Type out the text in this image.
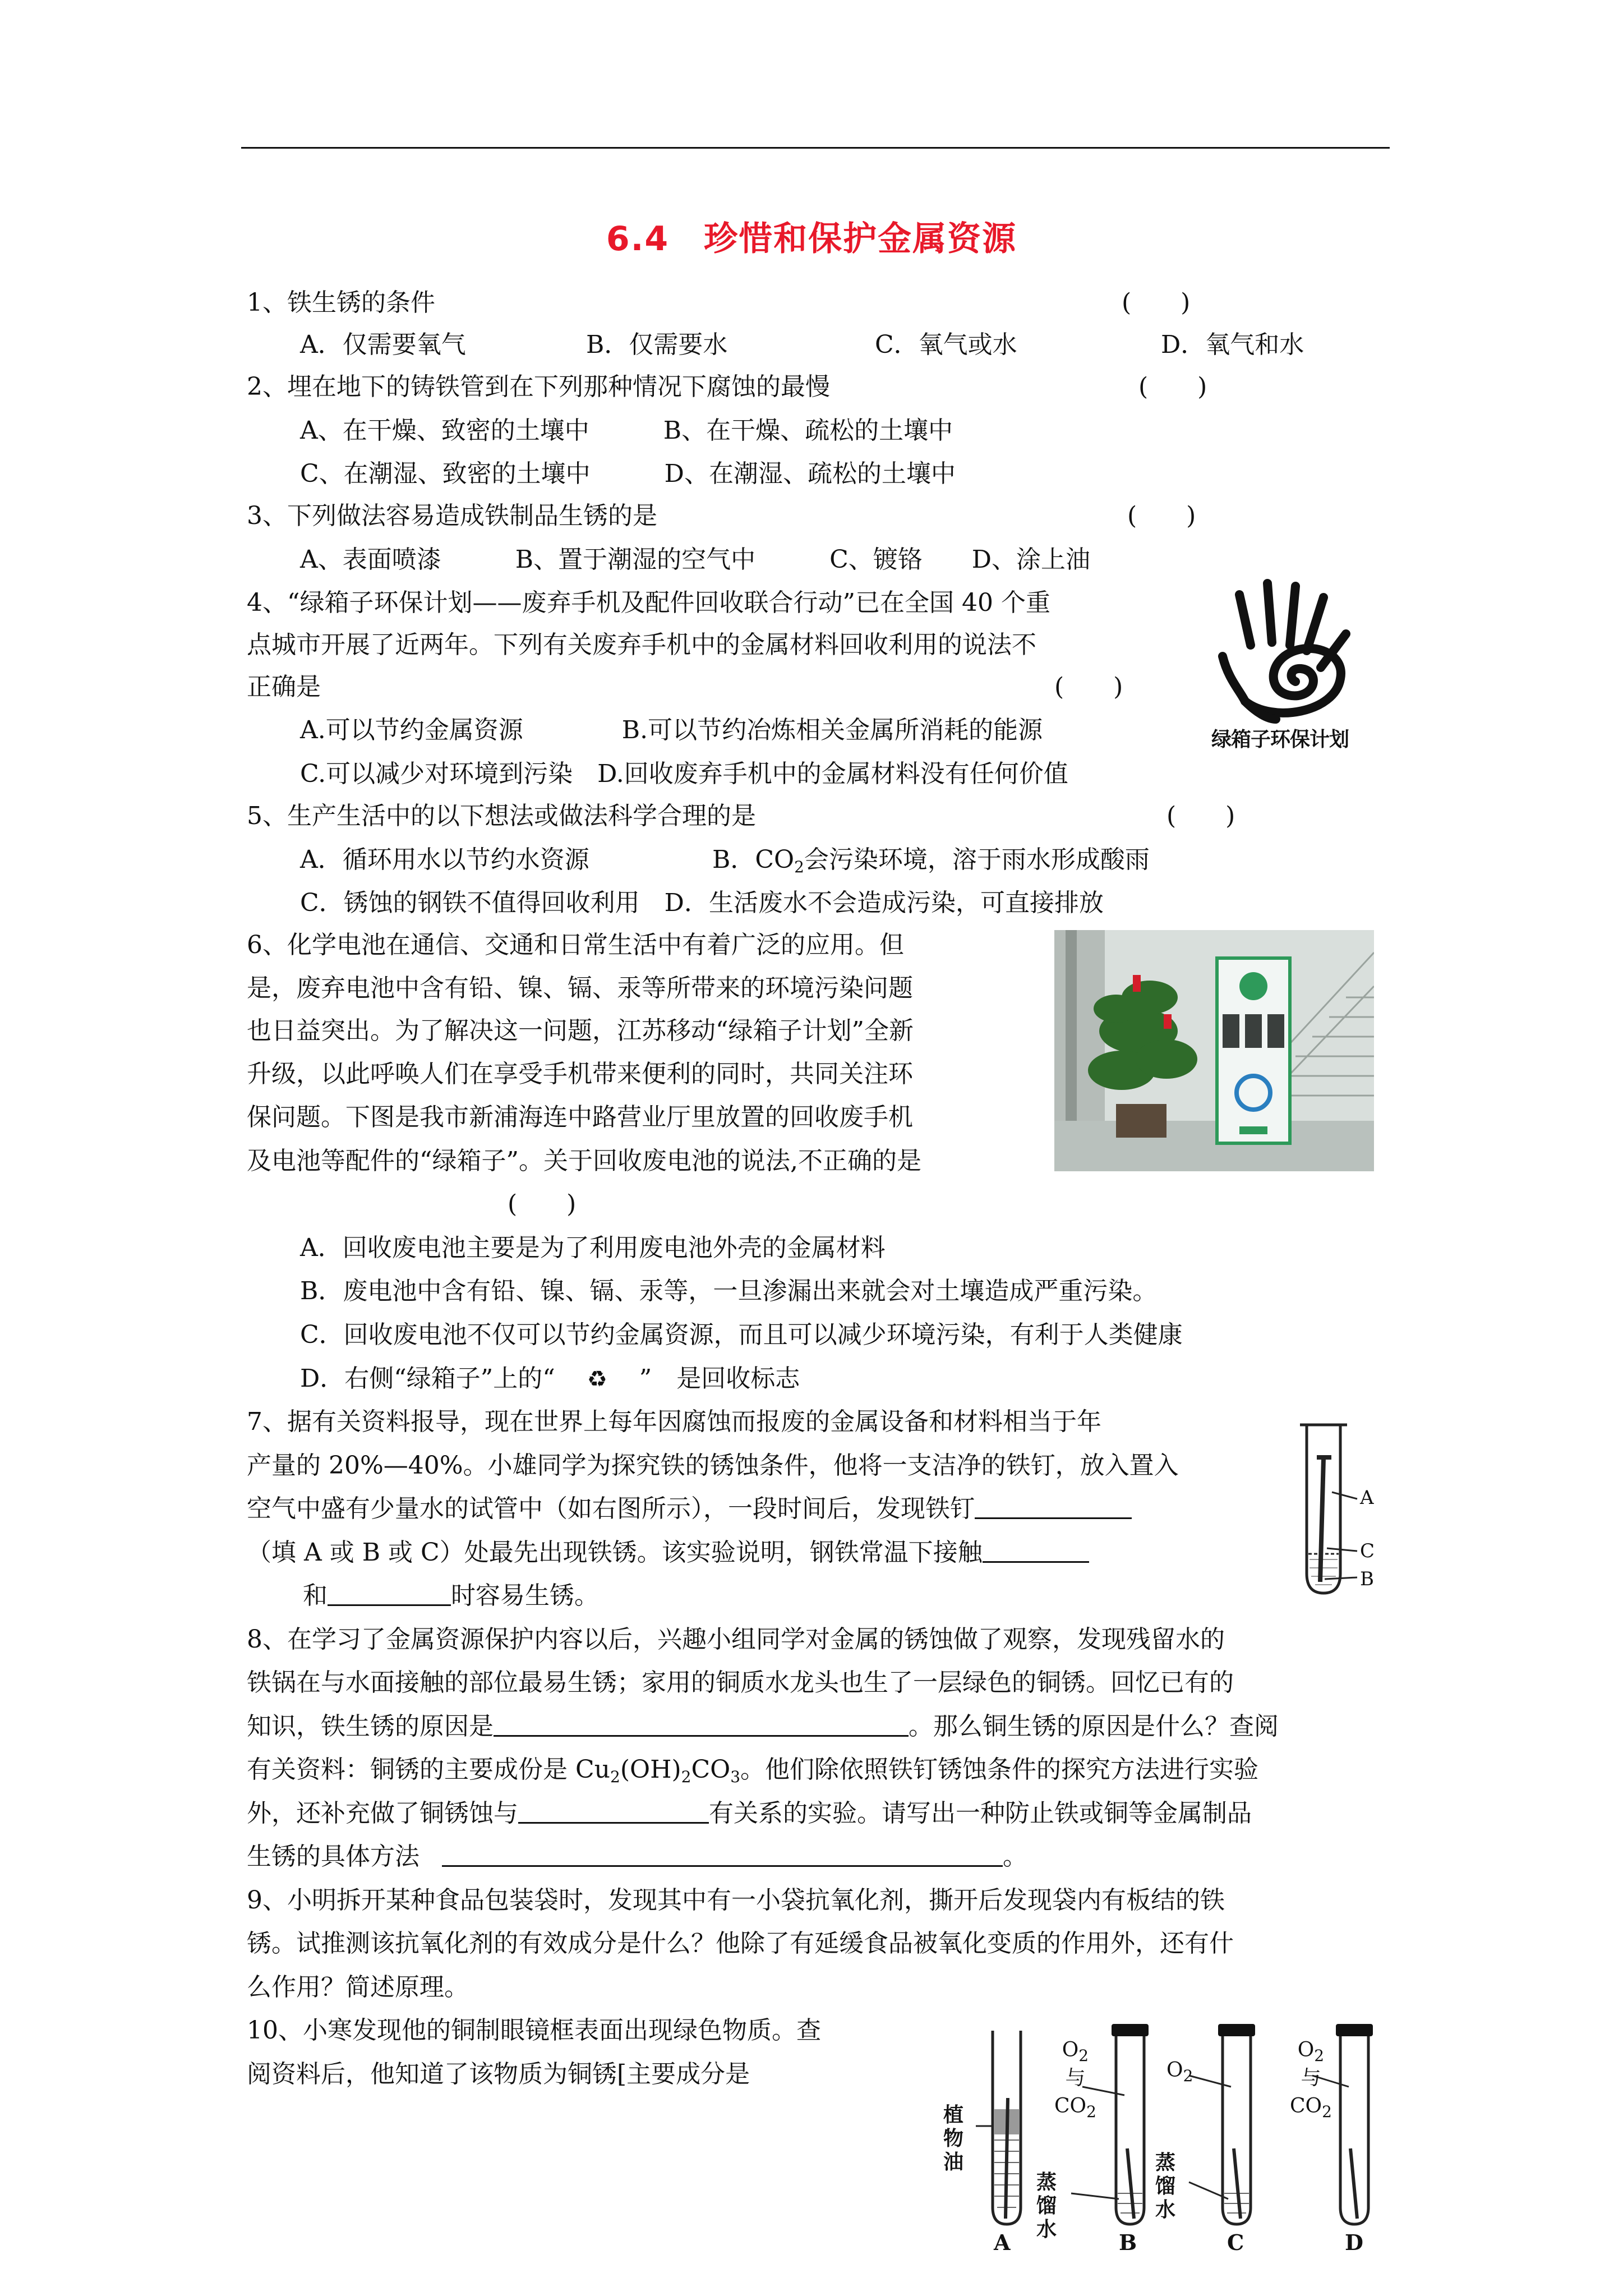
6.4　珍惜和保护金属资源
1、铁生锈的条件	(　　)
A．仅需要氧气	B．仅需要水	C．氧气或水	D．氧气和水
2、埋在地下的铸铁管到在下列那种情况下腐蚀的最慢	(　　)
A、在干燥、致密的土壤中　　　B、在干燥、疏松的土壤中
C、在潮湿、致密的土壤中　　　D、在潮湿、疏松的土壤中
3、下列做法容易造成铁制品生锈的是	(　　)
A、表面喷漆　　　B、置于潮湿的空气中　　　C、镀铬　　D、涂上油
4、“绿箱子环保计划——废弃手机及配件回收联合行动”已在全国 40 个重
点城市开展了近两年。下列有关废弃手机中的金属材料回收利用的说法不
正确是	(　　)
A.可以节约金属资源　　　　B.可以节约冶炼相关金属所消耗的能源
C.可以减少对环境到污染　D.回收废弃手机中的金属材料没有任何价值
绿箱子环保计划
5、生产生活中的以下想法或做法科学合理的是	(　　)
A．循环用水以节约水资源	B．$CO_2$会污染环境，溶于雨水形成酸雨
C．锈蚀的钢铁不值得回收利用　D．生活废水不会造成污染，可直接排放
6、化学电池在通信、交通和日常生活中有着广泛的应用。但
是，废弃电池中含有铅、镍、镉、汞等所带来的环境污染问题
也日益突出。为了解决这一问题，江苏移动“绿箱子计划”全新
升级，以此呼唤人们在享受手机带来便利的同时，共同关注环
保问题。下图是我市新浦海连中路营业厅里放置的回收废手机
及电池等配件的“绿箱子”。关于回收废电池的说法,不正确的是
(　　)
A．回收废电池主要是为了利用废电池外壳的金属材料
B．废电池中含有铅、镍、镉、汞等，一旦渗漏出来就会对土壤造成严重污染。
C．回收废电池不仅可以节约金属资源，而且可以减少环境污染，有利于人类健康
D．右侧“绿箱子”上的“ ♻ ”　是回收标志
7、据有关资料报导，现在世界上每年因腐蚀而报废的金属设备和材料相当于年
产量的 20%—40%。小雄同学为探究铁的锈蚀条件，他将一支洁净的铁钉，放入置入
空气中盛有少量水的试管中（如右图所示），一段时间后，发现铁钉
（填 A 或 B 或 C）处最先出现铁锈。该实验说明，钢铁常温下接触
和	时容易生锈。
A
C
B
8、在学习了金属资源保护内容以后，兴趣小组同学对金属的锈蚀做了观察，发现残留水的
铁锅在与水面接触的部位最易生锈；家用的铜质水龙头也生了一层绿色的铜锈。回忆已有的
知识，铁生锈的原因是	。那么铜生锈的原因是什么？查阅
有关资料：铜锈的主要成份是 $Cu_2(OH)_2CO_3$。他们除依照铁钉锈蚀条件的探究方法进行实验
外，还补充做了铜锈蚀与	有关系的实验。请写出一种防止铁或铜等金属制品
生锈的具体方法	。
9、小明拆开某种食品包装袋时，发现其中有一小袋抗氧化剂，撕开后发现袋内有板结的铁
锈。试推测该抗氧化剂的有效成分是什么？他除了有延缓食品被氧化变质的作用外，还有什
么作用？简述原理。
10、小寒发现他的铜制眼镜框表面出现绿色物质。查
阅资料后，他知道了该物质为铜锈[主要成分是
植物油
蒸馏水
蒸馏水
$O_2$
与
$CO_2$
$O_2$
$O_2$
与
$CO_2$
A	B	C	D
